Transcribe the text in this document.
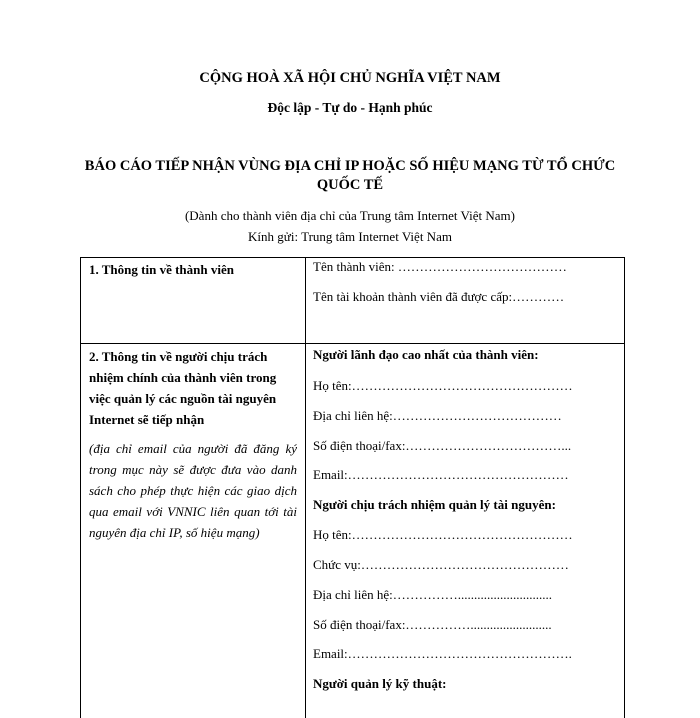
CỘNG HOÀ XÃ HỘI CHỦ NGHĨA VIỆT NAM
Độc lập - Tự do - Hạnh phúc
BÁO CÁO TIẾP NHẬN VÙNG ĐỊA CHỈ IP HOẶC SỐ HIỆU MẠNG TỪ TỔ CHỨC
QUỐC TẾ
(Dành cho thành viên địa chỉ của Trung tâm Internet Việt Nam)
Kính gửi: Trung tâm Internet Việt Nam
1. Thông tin về thành viên	Tên thành viên: …………………………………
Tên tài khoản thành viên đã được cấp:…………
2. Thông tin về người chịu trách nhiệm chính của thành viên trong việc quản lý các nguồn tài nguyên Internet sẽ tiếp nhận
(địa chỉ email của người đã đăng ký trong mục này sẽ được đưa vào danh sách cho phép thực hiện các giao dịch qua email với VNNIC liên quan tới tài nguyên địa chỉ IP, số hiệu mạng)
Người lãnh đạo cao nhất của thành viên:
Họ tên:……………………………………………
Địa chỉ liên hệ:…………………………………
Số điện thoại/fax:………………………………...
Email:……………………………………………
Người chịu trách nhiệm quản lý tài nguyên:
Họ tên:……………………………………………
Chức vụ:…………………………………………
Địa chỉ liên hệ:…………….............................
Số điện thoại/fax:…………….........................
Email:…………………………………………….
Người quản lý kỹ thuật:
